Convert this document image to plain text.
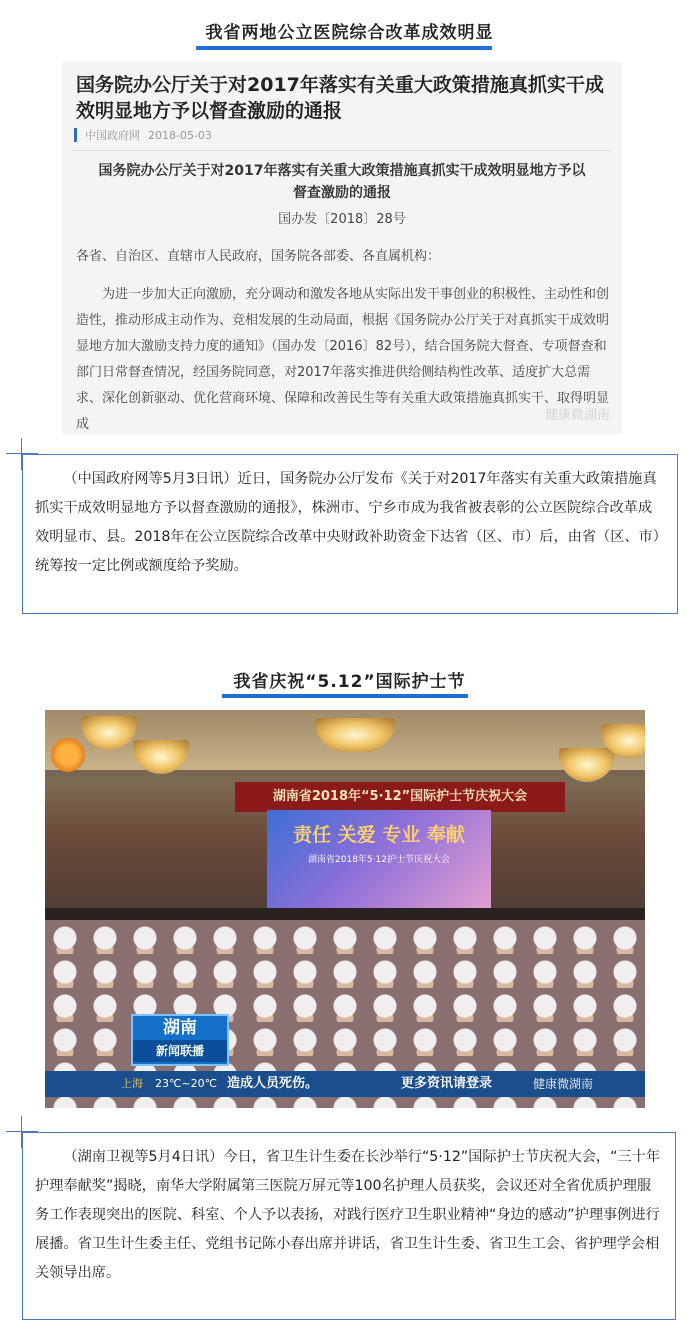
我省两地公立医院综合改革成效明显
国务院办公厅关于对2017年落实有关重大政策措施真抓实干成效明显地方予以督查激励的通报
中国政府网 2018-05-03
国务院办公厅关于对2017年落实有关重大政策措施真抓实干成效明显地方予以
督查激励的通报
国办发〔2018〕28号
各省、自治区、直辖市人民政府，国务院各部委、各直属机构：
为进一步加大正向激励，充分调动和激发各地从实际出发干事创业的积极性、主动性和创造性，推动形成主动作为、竞相发展的生动局面，根据《国务院办公厅关于对真抓实干成效明显地方加大激励支持力度的通知》（国办发〔2016〕82号），结合国务院大督查、专项督查和部门日常督查情况，经国务院同意，对2017年落实推进供给侧结构性改革、适度扩大总需求、深化创新驱动、优化营商环境、保障和改善民生等有关重大政策措施真抓实干、取得明显成
健康微湖南
（中国政府网等5月3日讯）近日，国务院办公厅发布《关于对2017年落实有关重大政策措施真抓实干成效明显地方予以督查激励的通报》，株洲市、宁乡市成为我省被表彰的公立医院综合改革成效明显市、县。2018年在公立医院综合改革中央财政补助资金下达省（区、市）后，由省（区、市）统筹按一定比例或额度给予奖励。
我省庆祝“5.12”国际护士节
湖南省2018年“5·12”国际护士节庆祝大会
责任 关爱 专业 奉献
湖南省2018年5·12护士节庆祝大会
湖南
新闻联播
上海 23℃~20℃ 造成人员死伤。	更多资讯请登录	健康微湖南
（湖南卫视等5月4日讯）今日，省卫生计生委在长沙举行“5·12”国际护士节庆祝大会，“三十年护理奉献奖”揭晓，南华大学附属第三医院万屏元等100名护理人员获奖，会议还对全省优质护理服务工作表现突出的医院、科室、个人予以表扬，对践行医疗卫生职业精神“身边的感动”护理事例进行展播。省卫生计生委主任、党组书记陈小春出席并讲话，省卫生计生委、省卫生工会、省护理学会相关领导出席。
